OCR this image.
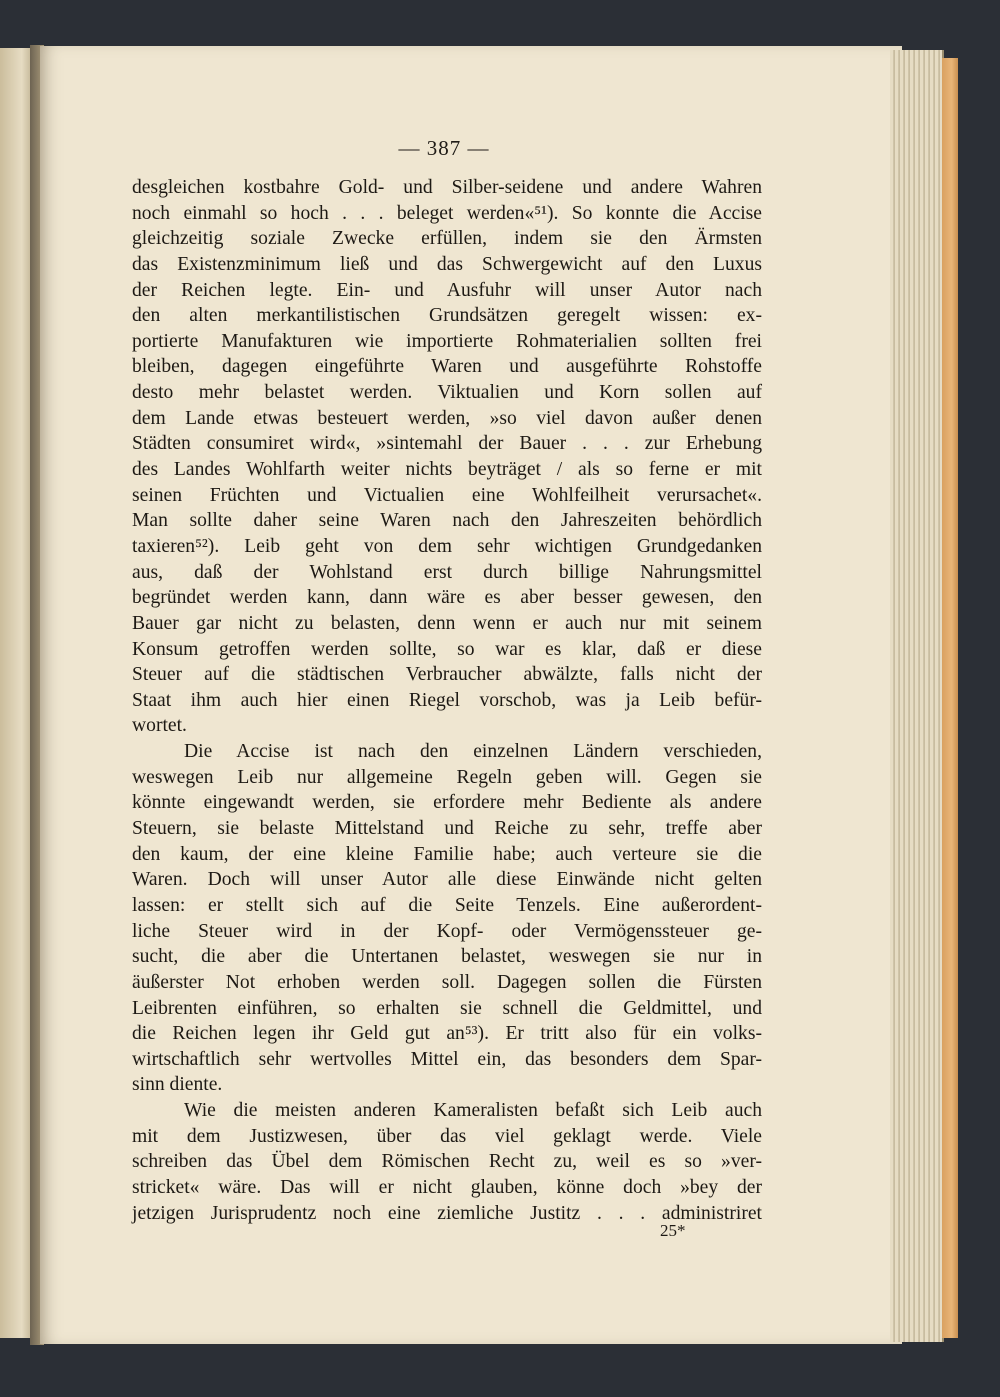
— 387 —
desgleichen kostbahre Gold- und Silber-seidene und andere Wahren
noch einmahl so hoch . . . beleget werden«⁵¹). So konnte die Accise
gleichzeitig soziale Zwecke erfüllen, indem sie den Ärmsten
das Existenzminimum ließ und das Schwergewicht auf den Luxus
der Reichen legte. Ein- und Ausfuhr will unser Autor nach
den alten merkantilistischen Grundsätzen geregelt wissen: ex-
portierte Manufakturen wie importierte Rohmaterialien sollten frei
bleiben, dagegen eingeführte Waren und ausgeführte Rohstoffe
desto mehr belastet werden. Viktualien und Korn sollen auf
dem Lande etwas besteuert werden, »so viel davon außer denen
Städten consumiret wird«, »sintemahl der Bauer . . . zur Erhebung
des Landes Wohlfarth weiter nichts beyträget / als so ferne er mit
seinen Früchten und Victualien eine Wohlfeilheit verursachet«.
Man sollte daher seine Waren nach den Jahreszeiten behördlich
taxieren⁵²). Leib geht von dem sehr wichtigen Grundgedanken
aus, daß der Wohlstand erst durch billige Nahrungsmittel
begründet werden kann, dann wäre es aber besser gewesen, den
Bauer gar nicht zu belasten, denn wenn er auch nur mit seinem
Konsum getroffen werden sollte, so war es klar, daß er diese
Steuer auf die städtischen Verbraucher abwälzte, falls nicht der
Staat ihm auch hier einen Riegel vorschob, was ja Leib befür-
wortet.
Die Accise ist nach den einzelnen Ländern verschieden,
weswegen Leib nur allgemeine Regeln geben will. Gegen sie
könnte eingewandt werden, sie erfordere mehr Bediente als andere
Steuern, sie belaste Mittelstand und Reiche zu sehr, treffe aber
den kaum, der eine kleine Familie habe; auch verteure sie die
Waren. Doch will unser Autor alle diese Einwände nicht gelten
lassen: er stellt sich auf die Seite Tenzels. Eine außerordent-
liche Steuer wird in der Kopf- oder Vermögenssteuer ge-
sucht, die aber die Untertanen belastet, weswegen sie nur in
äußerster Not erhoben werden soll. Dagegen sollen die Fürsten
Leibrenten einführen, so erhalten sie schnell die Geldmittel, und
die Reichen legen ihr Geld gut an⁵³). Er tritt also für ein volks-
wirtschaftlich sehr wertvolles Mittel ein, das besonders dem Spar-
sinn diente.
Wie die meisten anderen Kameralisten befaßt sich Leib auch
mit dem Justizwesen, über das viel geklagt werde. Viele
schreiben das Übel dem Römischen Recht zu, weil es so »ver-
stricket« wäre. Das will er nicht glauben, könne doch »bey der
jetzigen Jurisprudentz noch eine ziemliche Justitz . . . administriret
25*
